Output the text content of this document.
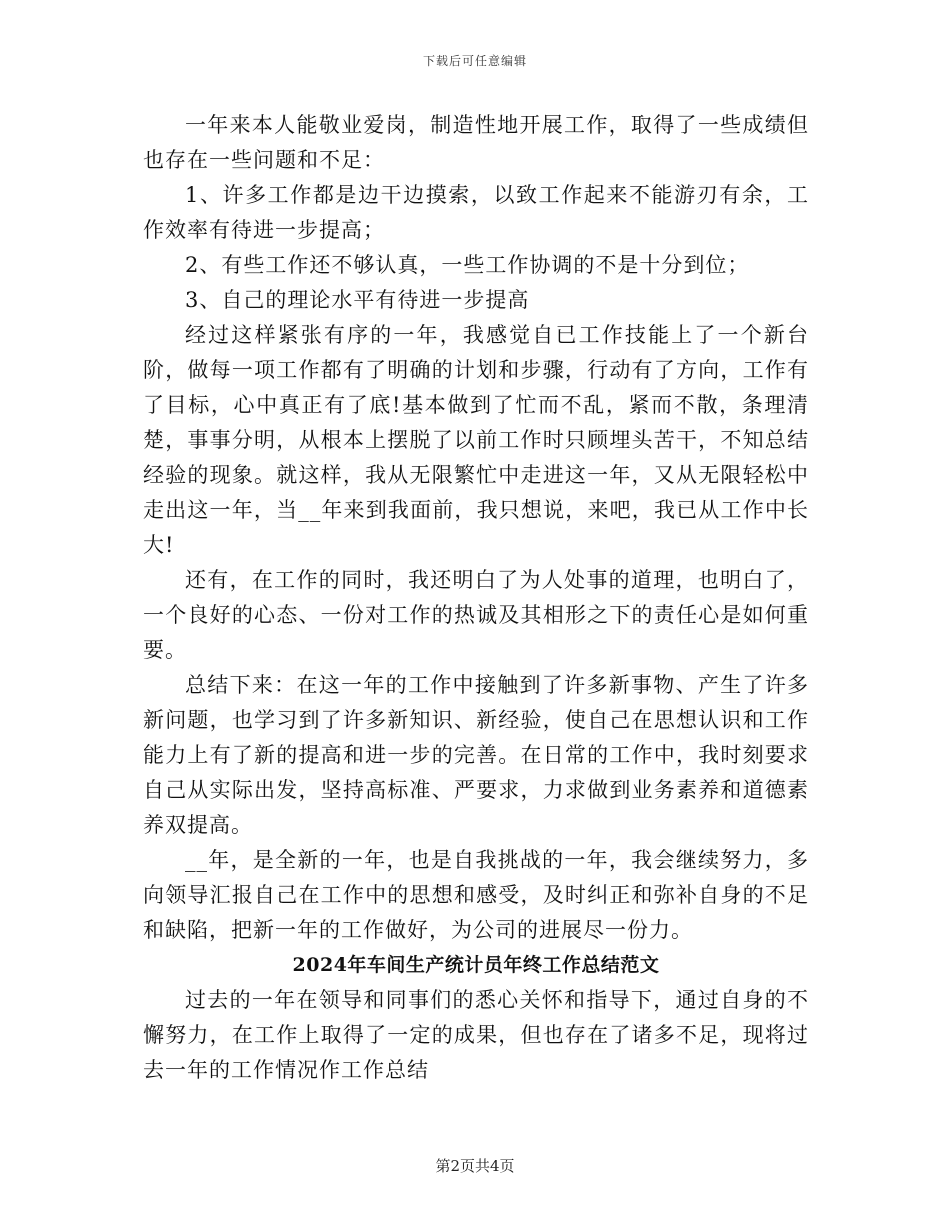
下载后可任意编辑

一年来本人能敬业爱岗，制造性地开展工作，取得了一些成绩但也存在一些问题和不足：

1、许多工作都是边干边摸索，以致工作起来不能游刃有余，工作效率有待进一步提高；

2、有些工作还不够认真，一些工作协调的不是十分到位；

3、自己的理论水平有待进一步提高

经过这样紧张有序的一年，我感觉自已工作技能上了一个新台阶，做每一项工作都有了明确的计划和步骤，行动有了方向，工作有了目标，心中真正有了底!基本做到了忙而不乱，紧而不散，条理清楚，事事分明，从根本上摆脱了以前工作时只顾埋头苦干，不知总结经验的现象。就这样，我从无限繁忙中走进这一年，又从无限轻松中走出这一年，当__年来到我面前，我只想说，来吧，我已从工作中长大!

还有，在工作的同时，我还明白了为人处事的道理，也明白了，一个良好的心态、一份对工作的热诚及其相形之下的责任心是如何重要。

总结下来：在这一年的工作中接触到了许多新事物、产生了许多新问题，也学习到了许多新知识、新经验，使自己在思想认识和工作能力上有了新的提高和进一步的完善。在日常的工作中，我时刻要求自己从实际出发，坚持高标准、严要求，力求做到业务素养和道德素养双提高。

__年，是全新的一年，也是自我挑战的一年，我会继续努力，多向领导汇报自己在工作中的思想和感受，及时纠正和弥补自身的不足和缺陷，把新一年的工作做好，为公司的进展尽一份力。

2024年车间生产统计员年终工作总结范文

过去的一年在领导和同事们的悉心关怀和指导下，通过自身的不懈努力，在工作上取得了一定的成果，但也存在了诸多不足，现将过去一年的工作情况作工作总结

第2页共4页
